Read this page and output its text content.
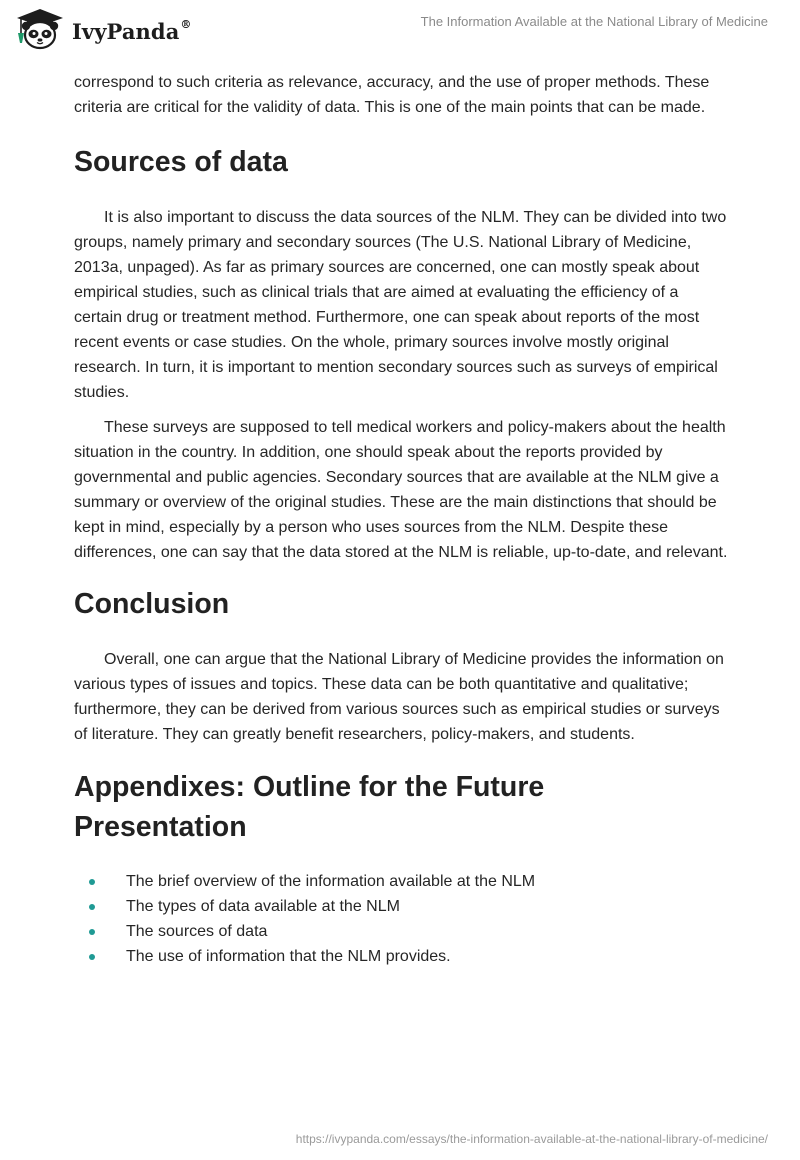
IvyPanda®	The Information Available at the National Library of Medicine

correspond to such criteria as relevance, accuracy, and the use of proper methods. These criteria are critical for the validity of data. This is one of the main points that can be made.

Sources of data

It is also important to discuss the data sources of the NLM. They can be divided into two groups, namely primary and secondary sources (The U.S. National Library of Medicine, 2013a, unpaged). As far as primary sources are concerned, one can mostly speak about empirical studies, such as clinical trials that are aimed at evaluating the efficiency of a certain drug or treatment method. Furthermore, one can speak about reports of the most recent events or case studies. On the whole, primary sources involve mostly original research. In turn, it is important to mention secondary sources such as surveys of empirical studies.

These surveys are supposed to tell medical workers and policy-makers about the health situation in the country. In addition, one should speak about the reports provided by governmental and public agencies. Secondary sources that are available at the NLM give a summary or overview of the original studies. These are the main distinctions that should be kept in mind, especially by a person who uses sources from the NLM. Despite these differences, one can say that the data stored at the NLM is reliable, up-to-date, and relevant.

Conclusion

Overall, one can argue that the National Library of Medicine provides the information on various types of issues and topics. These data can be both quantitative and qualitative; furthermore, they can be derived from various sources such as empirical studies or surveys of literature. They can greatly benefit researchers, policy-makers, and students.

Appendixes: Outline for the Future
Presentation
The brief overview of the information available at the NLM
The types of data available at the NLM
The sources of data
The use of information that the NLM provides.
https://ivypanda.com/essays/the-information-available-at-the-national-library-of-medicine/
